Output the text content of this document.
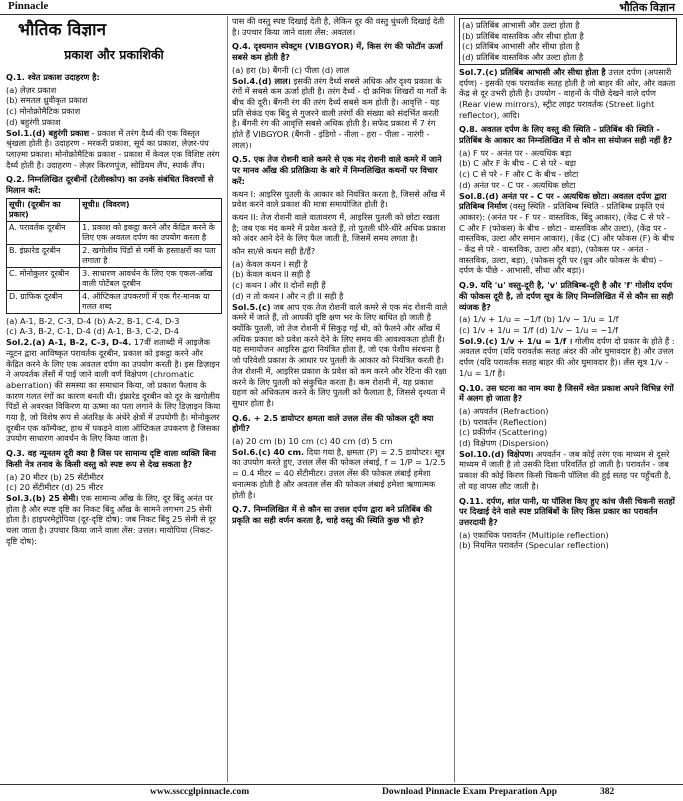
Pinnacle	भौतिक विज्ञान
भौतिक विज्ञान
प्रकाश और प्रकाशिकी

Q.1. श्वेत प्रकाश उदाहरण है:

(a) लेज़र प्रकाश

(b) समतल ध्रुवीकृत प्रकाश

(c) मोनोक्रोमैटिक प्रकाश

(d) बहुरंगी प्रकाश

Sol.1.(d) बहुरंगी प्रकाश - प्रकाश में तरंग दैर्ध्य की एक विस्तृत श्रृंखला होती है। उदाहरण - मरकरी प्रकाश, सूर्य का प्रकाश, लेज़र-पंप प्लाज़्मा प्रकाश। मोनोक्रोमैटिक प्रकाश - प्रकाश में केवल एक विशिष्ट तरंग दैर्ध्य होती है। उदाहरण - लेज़र किरणपुंज, सोडियम लैंप, स्पार्क लैंप।

Q.2. निम्नलिखित दूरबीनों (टेलीस्कोप) का उनके संबंधित विवरणों से मिलान करें:

सूची। (दूरबीन का प्रकार)	सूची॥ (विवरण)
A. परावर्तक दूरबीन	1. प्रकाश को इकट्ठा करने और केंद्रित करने के लिए एक अवतल दर्पण का उपयोग करता है
B. इंफ्रारेड दूरबीन	2. खगोलीय पिंडों से गर्मी के हस्ताक्षरों का पता लगाता है
C. मोनोकुलर दूरबीन	3. साधारण आवर्धन के लिए एक एकल-आँख वाली पोर्टेबल दूरबीन
D. ग्राफिक दूरबीन	4. ऑप्टिकल उपकरणों में एक गैर-मानक या गलत शब्द

(a) A-1, B-2, C-3, D-4 (b) A-2, B-1, C-4, D-3

(c) A-3, B-2, C-1, D-4 (d) A-1, B-3, C-2, D-4

Sol.2.(a) A-1, B-2, C-3, D-4. 17वीं शताब्दी में आइजैक न्यूटन द्वारा आविष्कृत परावर्तक दूरबीन, प्रकाश को इकट्ठा करने और केंद्रित करने के लिए एक अवतल दर्पण का उपयोग करती है। इस डिज़ाइन ने अपवर्तक लेंसों में पाई जाने वाली वर्ण विक्षेपण (chromatic aberration) की समस्या का समाधान किया, जो प्रकाश फैलाव के कारण गलत रंगों का कारण बनती थी। इंफ्रारेड दूरबीन को दूर के खगोलीय पिंडों से अवरक्त विकिरण या ऊष्मा का पता लगाने के लिए डिज़ाइन किया गया है, जो विशेष रूप से अंतरिक्ष के अंधेरे क्षेत्रों में उपयोगी है। मोनोकुलर दूरबीन एक कॉम्पैक्ट, हाथ में पकड़ने वाला ऑप्टिकल उपकरण है जिसका उपयोग साधारण आवर्धन के लिए किया जाता है।

Q.3. वह न्यूनतम दूरी क्या है जिस पर सामान्य दृष्टि वाला व्यक्ति बिना किसी नेत्र तनाव के किसी वस्तु को स्पष्ट रूप से देख सकता है?

(a) 20 मीटर (b) 25 सेंटीमीटर

(c) 20 सेंटीमीटर (d) 25 मीटर

Sol.3.(b) 25 सेमी। एक सामान्य आँख के लिए, दूर बिंदु अनंत पर होता है और स्पष्ट दृष्टि का निकट बिंदु आँख के सामने लगभग 25 सेमी होता है। हाइपरमेट्रोपिया (दूर-दृष्टि दोष): जब निकट बिंदु 25 सेमी से दूर चला जाता है। उपचार किया जाने वाला लेंस: उत्तल। मायोपिया (निकट-दृष्टि दोष):

पास की वस्तु स्पष्ट दिखाई देती है, लेकिन दूर की वस्तु धुंधली दिखाई देती है। उपचार किया जाने वाला लेंस: अवतल।

Q.4. दृश्यमान स्पेक्ट्रम (VIBGYOR) में, किस रंग की फोटॉन ऊर्जा सबसे कम होती है?

(a) हरा (b) बैंगनी (c) पीला (d) लाल

Sol.4.(d) लाल। इसकी तरंग दैर्ध्य सबसे अधिक और दृश्य प्रकाश के रंगों में सबसे कम ऊर्जा होती है। तरंग दैर्ध्य - दो क्रमिक शिखरों या गर्तों के बीच की दूरी। बैंगनी रंग की तरंग दैर्ध्य सबसे कम होती है। आवृत्ति - यह प्रति सेकंड एक बिंदु से गुजरने वाली तरंगों की संख्या को संदर्भित करती है। बैंगनी रंग की आवृत्ति सबसे अधिक होती है। सफेद प्रकाश में 7 रंग होते हैं VIBGYOR (बैंगनी - इंडिगो - नीला - हरा - पीला - नारंगी - लाल)।

Q.5. एक तेज रोशनी वाले कमरे से एक मंद रोशनी वाले कमरे में जाने पर मानव आँख की प्रतिक्रिया के बारे में निम्नलिखित कथनों पर विचार करें:

कथन I: आइरिस पुतली के आकार को नियंत्रित करता है, जिससे आँख में प्रवेश करने वाले प्रकाश की मात्रा समायोजित होती है।

कथन II: तेज रोशनी वाले वातावरण में, आइरिस पुतली को छोटा रखता है; जब एक मंद कमरे में प्रवेश करते हैं, तो पुतली धीरे-धीरे अधिक प्रकाश को अंदर आने देने के लिए फैल जाती है, जिसमें समय लगता है।

कौन सा/से कथन सही है/हैं?

(a) केवल कथन I सही है

(b) केवल कथन II सही है

(c) कथन I और II दोनों सही हैं

(d) न तो कथन I और न ही II सही है

Sol.5.(c) जब आप एक तेज रोशनी वाले कमरे से एक मंद रोशनी वाले कमरे में जाते हैं, तो आपकी दृष्टि क्षण भर के लिए बाधित हो जाती है क्योंकि पुतली, जो तेज रोशनी में सिकुड़ गई थी, को फैलने और आँख में अधिक प्रकाश को प्रवेश करने देने के लिए समय की आवश्यकता होती है। यह समायोजन आइरिस द्वारा नियंत्रित होता है, जो एक पेशीय संरचना है जो परिवेशी प्रकाश के आधार पर पुतली के आकार को नियंत्रित करती है। तेज रोशनी में, आइरिस प्रकाश के प्रवेश को कम करने और रेटिना की रक्षा करने के लिए पुतली को संकुचित करता है। कम रोशनी में, यह प्रकाश ग्रहण को अधिकतम करने के लिए पुतली को फैलाता है, जिससे दृश्यता में सुधार होता है।

Q.6. + 2.5 डायोप्टर क्षमता वाले उत्तल लेंस की फोकल दूरी क्या होगी?

(a) 20 cm (b) 10 cm (c) 40 cm (d) 5 cm

Sol.6.(c) 40 cm. दिया गया है, क्षमता (P) = 2.5 डायोप्टर। सूत्र का उपयोग करते हुए, उत्तल लेंस की फोकल लंबाई, f = 1/P = 1/2.5 = 0.4 मीटर = 40 सेंटीमीटर। उत्तल लेंस की फोकल लंबाई हमेशा धनात्मक होती है और अवतल लेंस की फोकल लंबाई हमेशा ऋणात्मक होती है।

Q.7. निम्नलिखित में से कौन सा उत्तल दर्पण द्वारा बने प्रतिबिंब की प्रकृति का सही वर्णन करता है, चाहे वस्तु की स्थिति कुछ भी हो?

(a) प्रतिबिंब आभासी और उल्टा होता है

(b) प्रतिबिंब वास्तविक और सीधा होता है

(c) प्रतिबिंब आभासी और सीधा होता है

(d) प्रतिबिंब वास्तविक और उल्टा होता है

Sol.7.(c) प्रतिबिंब आभासी और सीधा होता है उत्तल दर्पण (अपसारी दर्पण) - इसकी एक परावर्तक सतह होती है जो बाहर की ओर, और वक्रता केंद्र से दूर उभरी होती है। उपयोग - वाहनों के पीछे देखने वाले दर्पण (Rear view mirrors), स्ट्रीट लाइट परावर्तक (Street light reflector), आदि।

Q.8. अवतल दर्पण के लिए वस्तु की स्थिति - प्रतिबिंब की स्थिति - प्रतिबिंब के आकार का निम्नलिखित में से कौन सा संयोजन सही नहीं है?

(a) F पर - अनंत पर - अत्यधिक बड़ा

(b) C और F के बीच - C से परे - बड़ा

(c) C से परे - F और C के बीच - छोटा

(d) अनंत पर - C पर - अत्यधिक छोटा

Sol.8.(d) अनंत पर - C पर - अत्यधिक छोटा। अवतल दर्पण द्वारा प्रतिबिम्ब निर्माण (वस्तु स्थिति - प्रतिबिम्ब स्थिति - प्रतिबिम्ब प्रकृति एवं आकार): (अनंत पर - F पर - वास्तविक, बिंदु आकार), (केंद्र C से परे - C और F (फोकस) के बीच - छोटा - वास्तविक और उल्टा), (केंद्र पर - वास्तविक, उल्टा और समान आकार), (केंद्र (C) और फोकस (F) के बीच - केंद्र से परे - वास्तविक, उल्टा और बड़ा), (फोकस पर - अनंत - वास्तविक, उल्टा, बड़ा), (फोकस दूरी पर (ध्रुव और फोकस के बीच) - दर्पण के पीछे - आभासी, सीधा और बड़ा)।

Q.9. यदि 'u' वस्तु-दूरी है, 'v' प्रतिबिम्ब-दूरी है और 'f' गोलीय दर्पण की फोकस दूरी है, तो दर्पण सूत्र के लिए निम्नलिखित में से कौन सा सही व्यंजक है?

(a) 1/v + 1/u = −1/f (b) 1/v − 1/u = 1/f

(c) 1/v + 1/u = 1/f (d) 1/v − 1/u = −1/f

Sol.9.(c) 1/v + 1/u = 1/f । गोलीय दर्पण दो प्रकार के होते हैं : अवतल दर्पण (यदि परावर्तक सतह अंदर की ओर घुमावदार है) और उत्तल दर्पण (यदि परावर्तक सतह बाहर की ओर घुमावदार है)। लेंस सूत्र 1/v - 1/u = 1/f है।

Q.10. उस घटना का नाम क्या है जिसमें श्वेत प्रकाश अपने विभिन्न रंगों में अलग हो जाता है?

(a) अपवर्तन (Refraction)

(b) परावर्तन (Reflection)

(c) प्रकीर्णन (Scattering)

(d) विक्षेपण (Dispersion)

Sol.10.(d) विक्षेपण। अपवर्तन - जब कोई तरंग एक माध्यम से दूसरे माध्यम में जाती है तो उसकी दिशा परिवर्तित हो जाती है। परावर्तन - जब प्रकाश की कोई किरण किसी चिकनी पॉलिश की हुई सतह पर पहुँचती है, तो वह वापस लौट जाती है।

Q.11. दर्पण, शांत पानी, या पॉलिश किए हुए कांच जैसी चिकनी सतहों पर दिखाई देने वाले स्पष्ट प्रतिबिंबों के लिए किस प्रकार का परावर्तन उत्तरदायी है?

(a) एकाधिक परावर्तन (Multiple reflection)

(b) नियमित परावर्तन (Specular reflection)

www.ssccglpinnacle.com	Download Pinnacle Exam Preparation App	382
